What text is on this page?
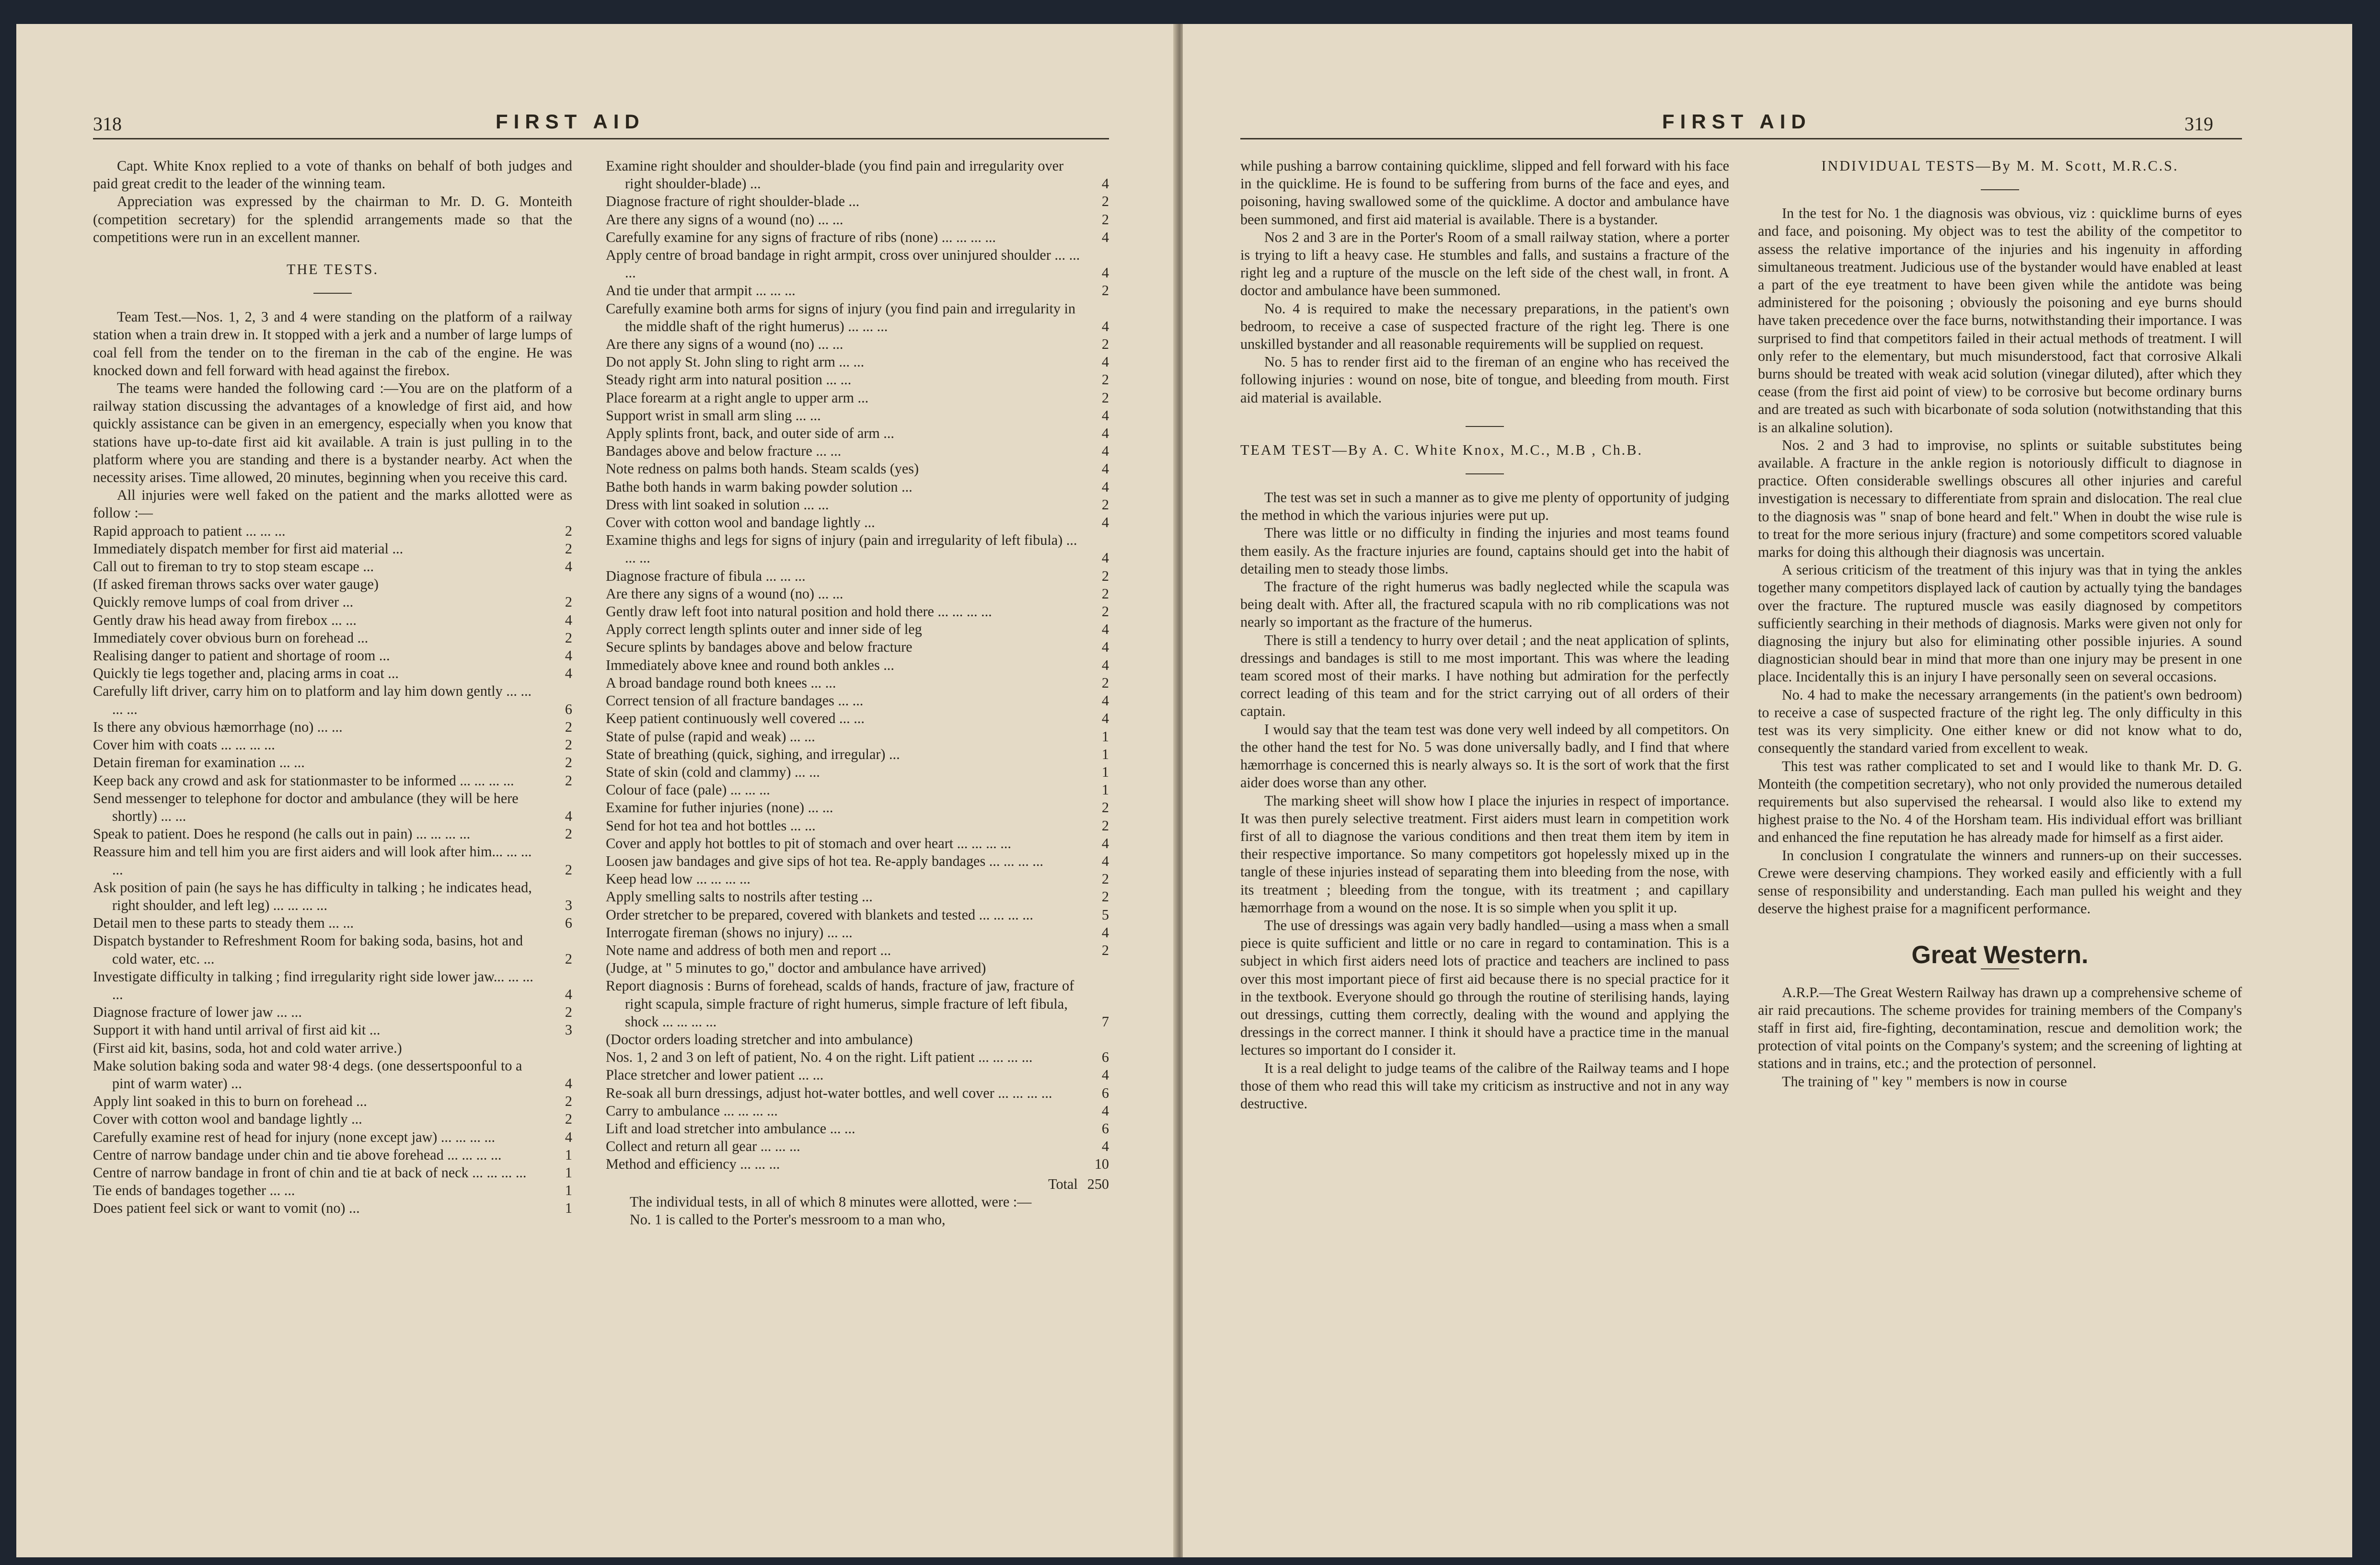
318	FIRST AID

Capt. White Knox replied to a vote of thanks on behalf of both judges and paid great credit to the leader of the winning team.

Appreciation was expressed by the chairman to Mr. D. G. Monteith (competition secretary) for the splendid arrangements made so that the competitions were run in an excellent manner.

THE TESTS.

Team Test.—Nos. 1, 2, 3 and 4 were standing on the platform of a railway station when a train drew in. It stopped with a jerk and a number of large lumps of coal fell from the tender on to the fireman in the cab of the engine. He was knocked down and fell forward with head against the firebox.

The teams were handed the following card :—You are on the platform of a railway station discussing the advantages of a knowledge of first aid, and how quickly assistance can be given in an emergency, especially when you know that stations have up-to-date first aid kit available. A train is just pulling in to the platform where you are standing and there is a bystander nearby. Act when the necessity arises. Time allowed, 20 minutes, beginning when you receive this card.

All injuries were well faked on the patient and the marks allotted were as follow :—

Rapid approach to patient ... ... ...	2
Immediately dispatch member for first aid material ...	2
Call out to fireman to try to stop steam escape ...	4
(If asked fireman throws sacks over water gauge)
Quickly remove lumps of coal from driver ...	2
Gently draw his head away from firebox ... ...	4
Immediately cover obvious burn on forehead ...	2
Realising danger to patient and shortage of room ...	4
Quickly tie legs together and, placing arms in coat ...	4
Carefully lift driver, carry him on to platform and lay him down gently ... ... ... ...	6
Is there any obvious hæmorrhage (no) ... ...	2
Cover him with coats ... ... ... ...	2
Detain fireman for examination ... ...	2
Keep back any crowd and ask for stationmaster to be informed ... ... ... ...	2
Send messenger to telephone for doctor and ambulance (they will be here shortly) ... ...	4
Speak to patient. Does he respond (he calls out in pain) ... ... ... ...	2
Reassure him and tell him you are first aiders and will look after him... ... ... ...	2
Ask position of pain (he says he has difficulty in talking ; he indicates head, right shoulder, and left leg) ... ... ... ...	3
Detail men to these parts to steady them ... ...	6
Dispatch bystander to Refreshment Room for baking soda, basins, hot and cold water, etc. ...	2
Investigate difficulty in talking ; find irregularity right side lower jaw... ... ... ...	4
Diagnose fracture of lower jaw ... ...	2
Support it with hand until arrival of first aid kit ...	3
(First aid kit, basins, soda, hot and cold water arrive.)
Make solution baking soda and water 98·4 degs. (one dessertspoonful to a pint of warm water) ...	4
Apply lint soaked in this to burn on forehead ...	2
Cover with cotton wool and bandage lightly ...	2
Carefully examine rest of head for injury (none except jaw) ... ... ... ...	4
Centre of narrow bandage under chin and tie above forehead ... ... ... ...	1
Centre of narrow bandage in front of chin and tie at back of neck ... ... ... ...	1
Tie ends of bandages together ... ...	1
Does patient feel sick or want to vomit (no) ...	1
Examine right shoulder and shoulder-blade (you find pain and irregularity over right shoulder-blade) ...	4
Diagnose fracture of right shoulder-blade ...	2
Are there any signs of a wound (no) ... ...	2
Carefully examine for any signs of fracture of ribs (none) ... ... ... ...	4
Apply centre of broad bandage in right armpit, cross over uninjured shoulder ... ... ...	4
And tie under that armpit ... ... ...	2
Carefully examine both arms for signs of injury (you find pain and irregularity in the middle shaft of the right humerus) ... ... ...	4
Are there any signs of a wound (no) ... ...	2
Do not apply St. John sling to right arm ... ...	4
Steady right arm into natural position ... ...	2
Place forearm at a right angle to upper arm ...	2
Support wrist in small arm sling ... ...	4
Apply splints front, back, and outer side of arm ...	4
Bandages above and below fracture ... ...	4
Note redness on palms both hands. Steam scalds (yes)	4
Bathe both hands in warm baking powder solution ...	4
Dress with lint soaked in solution ... ...	2
Cover with cotton wool and bandage lightly ...	4
Examine thighs and legs for signs of injury (pain and irregularity of left fibula) ... ... ...	4
Diagnose fracture of fibula ... ... ...	2
Are there any signs of a wound (no) ... ...	2
Gently draw left foot into natural position and hold there ... ... ... ...	2
Apply correct length splints outer and inner side of leg	4
Secure splints by bandages above and below fracture	4
Immediately above knee and round both ankles ...	4
A broad bandage round both knees ... ...	2
Correct tension of all fracture bandages ... ...	4
Keep patient continuously well covered ... ...	4
State of pulse (rapid and weak) ... ...	1
State of breathing (quick, sighing, and irregular) ...	1
State of skin (cold and clammy) ... ...	1
Colour of face (pale) ... ... ...	1
Examine for futher injuries (none) ... ...	2
Send for hot tea and hot bottles ... ...	2
Cover and apply hot bottles to pit of stomach and over heart ... ... ... ...	4
Loosen jaw bandages and give sips of hot tea. Re-apply bandages ... ... ... ...	4
Keep head low ... ... ... ...	2
Apply smelling salts to nostrils after testing ...	2
Order stretcher to be prepared, covered with blankets and tested ... ... ... ...	5
Interrogate fireman (shows no injury) ... ...	4
Note name and address of both men and report ...	2
(Judge, at " 5 minutes to go," doctor and ambulance have arrived)
Report diagnosis : Burns of forehead, scalds of hands, fracture of jaw, fracture of right scapula, simple fracture of right humerus, simple fracture of left fibula, shock ... ... ... ...	7
(Doctor orders loading stretcher and into ambulance)
Nos. 1, 2 and 3 on left of patient, No. 4 on the right. Lift patient ... ... ... ...	6
Place stretcher and lower patient ... ...	4
Re-soak all burn dressings, adjust hot-water bottles, and well cover ... ... ... ...	6
Carry to ambulance ... ... ... ...	4
Lift and load stretcher into ambulance ... ...	6
Collect and return all gear ... ... ...	4
Method and efficiency ... ... ...	10
Total 250

The individual tests, in all of which 8 minutes were allotted, were :—

No. 1 is called to the Porter's messroom to a man who,

FIRST AID	319

while pushing a barrow containing quicklime, slipped and fell forward with his face in the quicklime. He is found to be suffering from burns of the face and eyes, and poisoning, having swallowed some of the quicklime. A doctor and ambulance have been summoned, and first aid material is available. There is a bystander.

Nos 2 and 3 are in the Porter's Room of a small railway station, where a porter is trying to lift a heavy case. He stumbles and falls, and sustains a fracture of the right leg and a rupture of the muscle on the left side of the chest wall, in front. A doctor and ambulance have been summoned.

No. 4 is required to make the necessary preparations, in the patient's own bedroom, to receive a case of suspected fracture of the right leg. There is one unskilled bystander and all reasonable requirements will be supplied on request.

No. 5 has to render first aid to the fireman of an engine who has received the following injuries : wound on nose, bite of tongue, and bleeding from mouth. First aid material is available.

TEAM TEST—By A. C. White Knox, M.C., M.B , Ch.B.

The test was set in such a manner as to give me plenty of opportunity of judging the method in which the various injuries were put up.

There was little or no difficulty in finding the injuries and most teams found them easily. As the fracture injuries are found, captains should get into the habit of detailing men to steady those limbs.

The fracture of the right humerus was badly neglected while the scapula was being dealt with. After all, the fractured scapula with no rib complications was not nearly so important as the fracture of the humerus.

There is still a tendency to hurry over detail ; and the neat application of splints, dressings and bandages is still to me most important. This was where the leading team scored most of their marks. I have nothing but admiration for the perfectly correct leading of this team and for the strict carrying out of all orders of their captain.

I would say that the team test was done very well indeed by all competitors. On the other hand the test for No. 5 was done universally badly, and I find that where hæmorrhage is concerned this is nearly always so. It is the sort of work that the first aider does worse than any other.

The marking sheet will show how I place the injuries in respect of importance. It was then purely selective treatment. First aiders must learn in competition work first of all to diagnose the various conditions and then treat them item by item in their respective importance. So many competitors got hopelessly mixed up in the tangle of these injuries instead of separating them into bleeding from the nose, with its treatment ; bleeding from the tongue, with its treatment ; and capillary hæmorrhage from a wound on the nose. It is so simple when you split it up.

The use of dressings was again very badly handled—using a mass when a small piece is quite sufficient and little or no care in regard to contamination. This is a subject in which first aiders need lots of practice and teachers are inclined to pass over this most important piece of first aid because there is no special practice for it in the textbook. Everyone should go through the routine of sterilising hands, laying out dressings, cutting them correctly, dealing with the wound and applying the dressings in the correct manner. I think it should have a practice time in the manual lectures so important do I consider it.

It is a real delight to judge teams of the calibre of the Railway teams and I hope those of them who read this will take my criticism as instructive and not in any way destructive.

INDIVIDUAL TESTS—By M. M. Scott, M.R.C.S.

In the test for No. 1 the diagnosis was obvious, viz : quicklime burns of eyes and face, and poisoning. My object was to test the ability of the competitor to assess the relative importance of the injuries and his ingenuity in affording simultaneous treatment. Judicious use of the bystander would have enabled at least a part of the eye treatment to have been given while the antidote was being administered for the poisoning ; obviously the poisoning and eye burns should have taken precedence over the face burns, notwithstanding their importance. I was surprised to find that competitors failed in their actual methods of treatment. I will only refer to the elementary, but much misunderstood, fact that corrosive Alkali burns should be treated with weak acid solution (vinegar diluted), after which they cease (from the first aid point of view) to be corrosive but become ordinary burns and are treated as such with bicarbonate of soda solution (notwithstanding that this is an alkaline solution).

Nos. 2 and 3 had to improvise, no splints or suitable substitutes being available. A fracture in the ankle region is notoriously difficult to diagnose in practice. Often considerable swellings obscures all other injuries and careful investigation is necessary to differentiate from sprain and dislocation. The real clue to the diagnosis was " snap of bone heard and felt." When in doubt the wise rule is to treat for the more serious injury (fracture) and some competitors scored valuable marks for doing this although their diagnosis was uncertain.

A serious criticism of the treatment of this injury was that in tying the ankles together many competitors displayed lack of caution by actually tying the bandages over the fracture. The ruptured muscle was easily diagnosed by competitors sufficiently searching in their methods of diagnosis. Marks were given not only for diagnosing the injury but also for eliminating other possible injuries. A sound diagnostician should bear in mind that more than one injury may be present in one place. Incidentally this is an injury I have personally seen on several occasions.

No. 4 had to make the necessary arrangements (in the patient's own bedroom) to receive a case of suspected fracture of the right leg. The only difficulty in this test was its very simplicity. One either knew or did not know what to do, consequently the standard varied from excellent to weak.

This test was rather complicated to set and I would like to thank Mr. D. G. Monteith (the competition secretary), who not only provided the numerous detailed requirements but also supervised the rehearsal. I would also like to extend my highest praise to the No. 4 of the Horsham team. His individual effort was brilliant and enhanced the fine reputation he has already made for himself as a first aider.

In conclusion I congratulate the winners and runners-up on their successes. Crewe were deserving champions. They worked easily and efficiently with a full sense of responsibility and understanding. Each man pulled his weight and they deserve the highest praise for a magnificent performance.

Great Western.

A.R.P.—The Great Western Railway has drawn up a comprehensive scheme of air raid precautions. The scheme provides for training members of the Company's staff in first aid, fire-fighting, decontamination, rescue and demolition work; the protection of vital points on the Company's system; and the screening of lighting at stations and in trains, etc.; and the protection of personnel.

The training of " key " members is now in course
